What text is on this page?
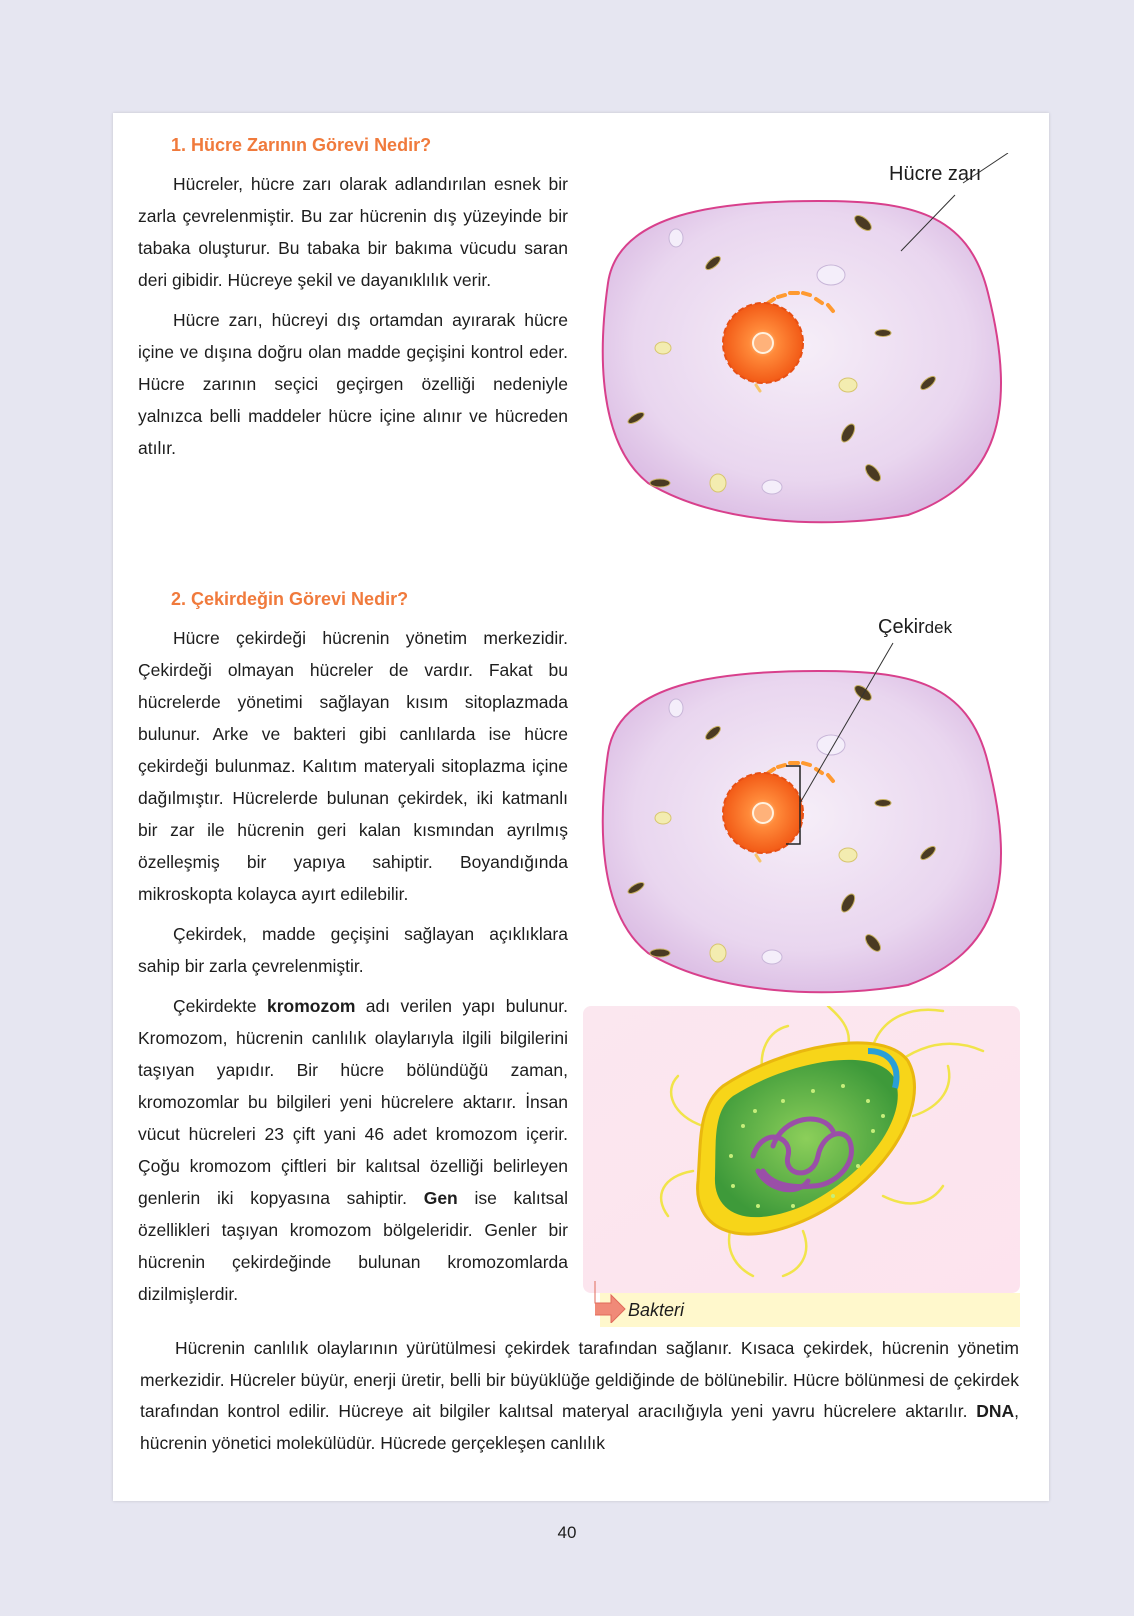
1. Hücre Zarının Görevi Nedir?

Hücreler, hücre zarı olarak adlandırılan esnek bir zarla çevrelenmiştir. Bu zar hücrenin dış yüzeyinde bir tabaka oluşturur. Bu tabaka bir bakıma vücudu saran deri gibidir. Hücreye şekil ve dayanıklılık verir.

Hücre zarı, hücreyi dış ortamdan ayırarak hücre içine ve dışına doğru olan madde geçişini kontrol eder. Hücre zarının seçici geçirgen özelliği nedeniyle yalnızca belli maddeler hücre içine alınır ve hücreden atılır.

2. Çekirdeğin Görevi Nedir?

Hücre çekirdeği hücrenin yönetim merkezidir. Çekirdeği olmayan hücreler de vardır. Fakat bu hücrelerde yönetimi sağlayan kısım sitoplazmada bulunur. Arke ve bakteri gibi canlılarda ise hücre çekirdeği bulunmaz. Kalıtım materyali sitoplazma içine dağılmıştır. Hücrelerde bulunan çekirdek, iki katmanlı bir zar ile hücrenin geri kalan kısmından ayrılmış özelleşmiş bir yapıya sahiptir. Boyandığında mikroskopta kolayca ayırt edilebilir.

Çekirdek, madde geçişini sağlayan açıklıklara sahip bir zarla çevrelenmiştir.

Çekirdekte kromozom adı verilen yapı bulunur. Kromozom, hücrenin canlılık olaylarıyla ilgili bilgilerini taşıyan yapıdır. Bir hücre bölündüğü zaman, kromozomlar bu bilgileri yeni hücrelere aktarır. İnsan vücut hücreleri 23 çift yani 46 adet kromozom içerir. Çoğu kromozom çiftleri bir kalıtsal özelliği belirleyen genlerin iki kopyasına sahiptir. Gen ise kalıtsal özellikleri taşıyan kromozom bölgeleridir. Genler bir hücrenin çekirdeğinde bulunan kromozomlarda dizilmişlerdir.

Hücrenin canlılık olaylarının yürütülmesi çekirdek tarafından sağlanır. Kısaca çekirdek, hücrenin yönetim merkezidir. Hücreler büyür, enerji üretir, belli bir büyüklüğe geldiğinde de bölünebilir. Hücre bölünmesi de çekirdek tarafından kontrol edilir. Hücreye ait bilgiler kalıtsal materyal aracılığıyla yeni yavru hücrelere aktarılır. DNA, hücrenin yönetici molekülüdür. Hücrede gerçekleşen canlılık

Hücre zarı
Çekirdek
Bakteri
40
